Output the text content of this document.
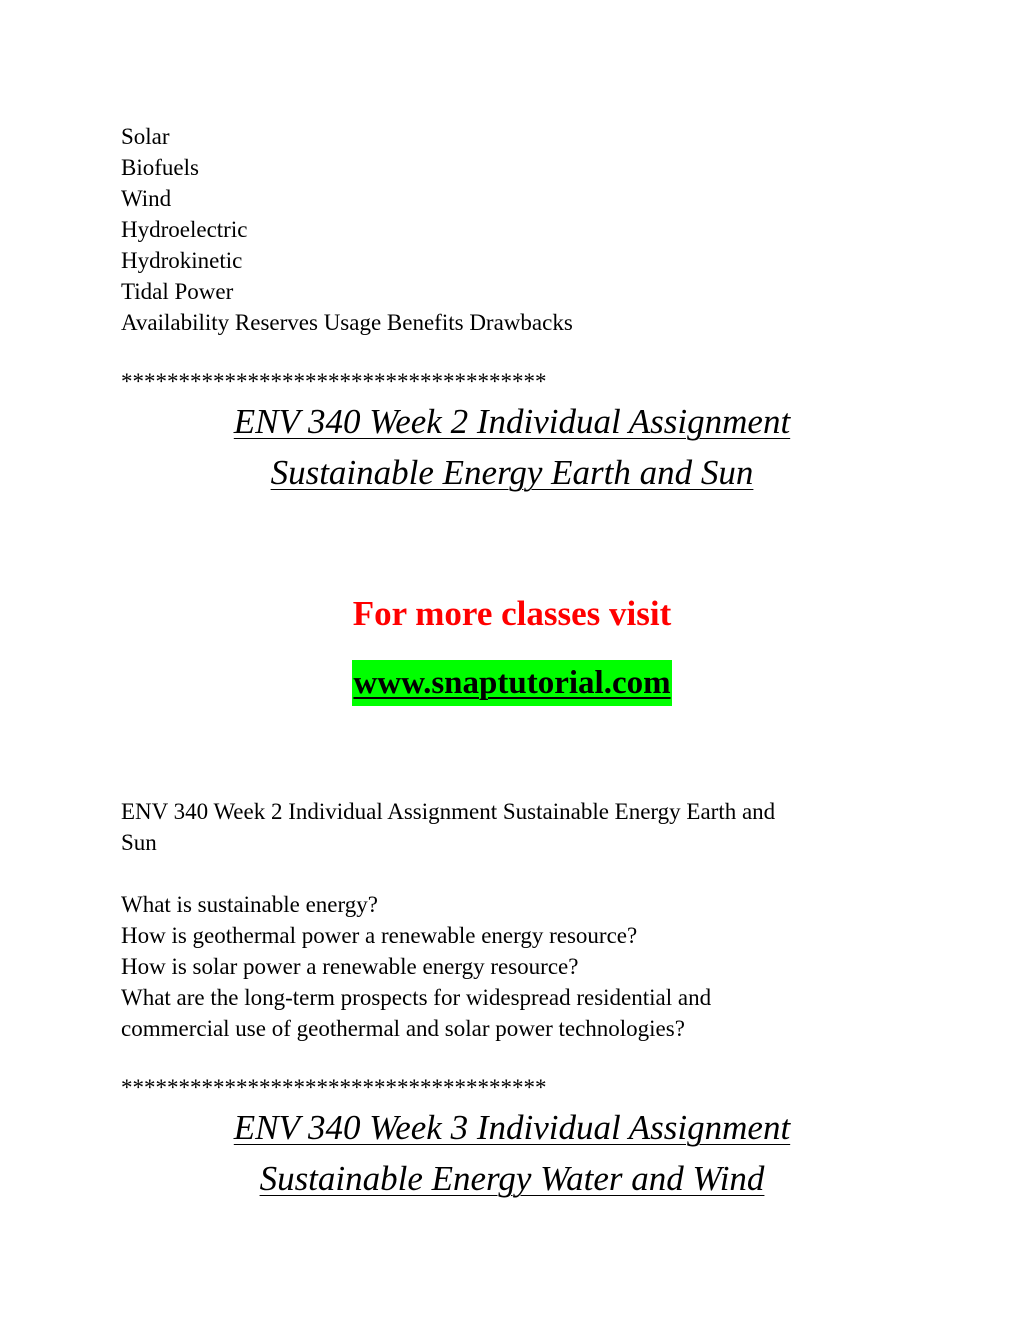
Solar
Biofuels
Wind
Hydroelectric
Hydrokinetic
Tidal Power
Availability Reserves Usage Benefits Drawbacks
*************************************
ENV 340 Week 2 Individual Assignment
Sustainable Energy Earth and Sun
For more classes visit
www.snaptutorial.com
ENV 340 Week 2 Individual Assignment Sustainable Energy Earth and
Sun
What is sustainable energy?
How is geothermal power a renewable energy resource?
How is solar power a renewable energy resource?
What are the long-term prospects for widespread residential and
commercial use of geothermal and solar power technologies?
*************************************
ENV 340 Week 3 Individual Assignment
Sustainable Energy Water and Wind
